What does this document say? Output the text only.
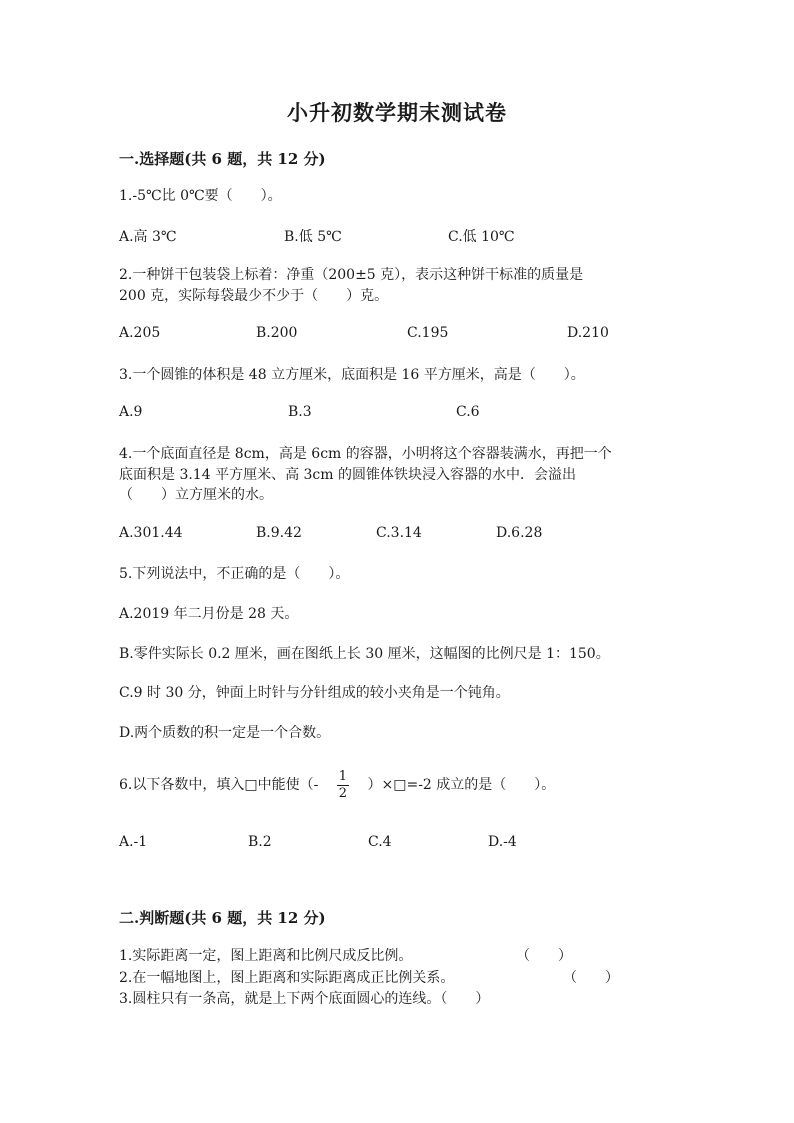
小升初数学期末测试卷
一.选择题(共 6 题，共 12 分)
1.-5℃比 0℃要（　　）。
A.高 3℃	B.低 5℃	C.低 10℃
2.一种饼干包装袋上标着：净重（200±5 克），表示这种饼干标准的质量是
200 克，实际每袋最少不少于（　　）克。
A.205	B.200	C.195	D.210
3.一个圆锥的体积是 48 立方厘米，底面积是 16 平方厘米，高是（　　）。
A.9	B.3	C.6
4.一个底面直径是 8cm，高是 6cm 的容器，小明将这个容器装满水，再把一个
底面积是 3.14 平方厘米、高 3cm 的圆锥体铁块浸入容器的水中．会溢出
（　　）立方厘米的水。
A.301.44	B.9.42	C.3.14	D.6.28
5.下列说法中，不正确的是（　　）。
A.2019 年二月份是 28 天。
B.零件实际长 0.2 厘米，画在图纸上长 30 厘米，这幅图的比例尺是 1：150。
C.9 时 30 分，钟面上时针与分针组成的较小夹角是一个钝角。
D.两个质数的积一定是一个合数。
6.以下各数中，填入□中能使（- $\frac{1}{2}$ ）×□=-2 成立的是（　　）。
A.-1	B.2	C.4	D.-4
二.判断题(共 6 题，共 12 分)
1.实际距离一定，图上距离和比例尺成反比例。	（　　）
2.在一幅地图上，图上距离和实际距离成正比例关系。	（　　）
3.圆柱只有一条高，就是上下两个底面圆心的连线。（　　）
